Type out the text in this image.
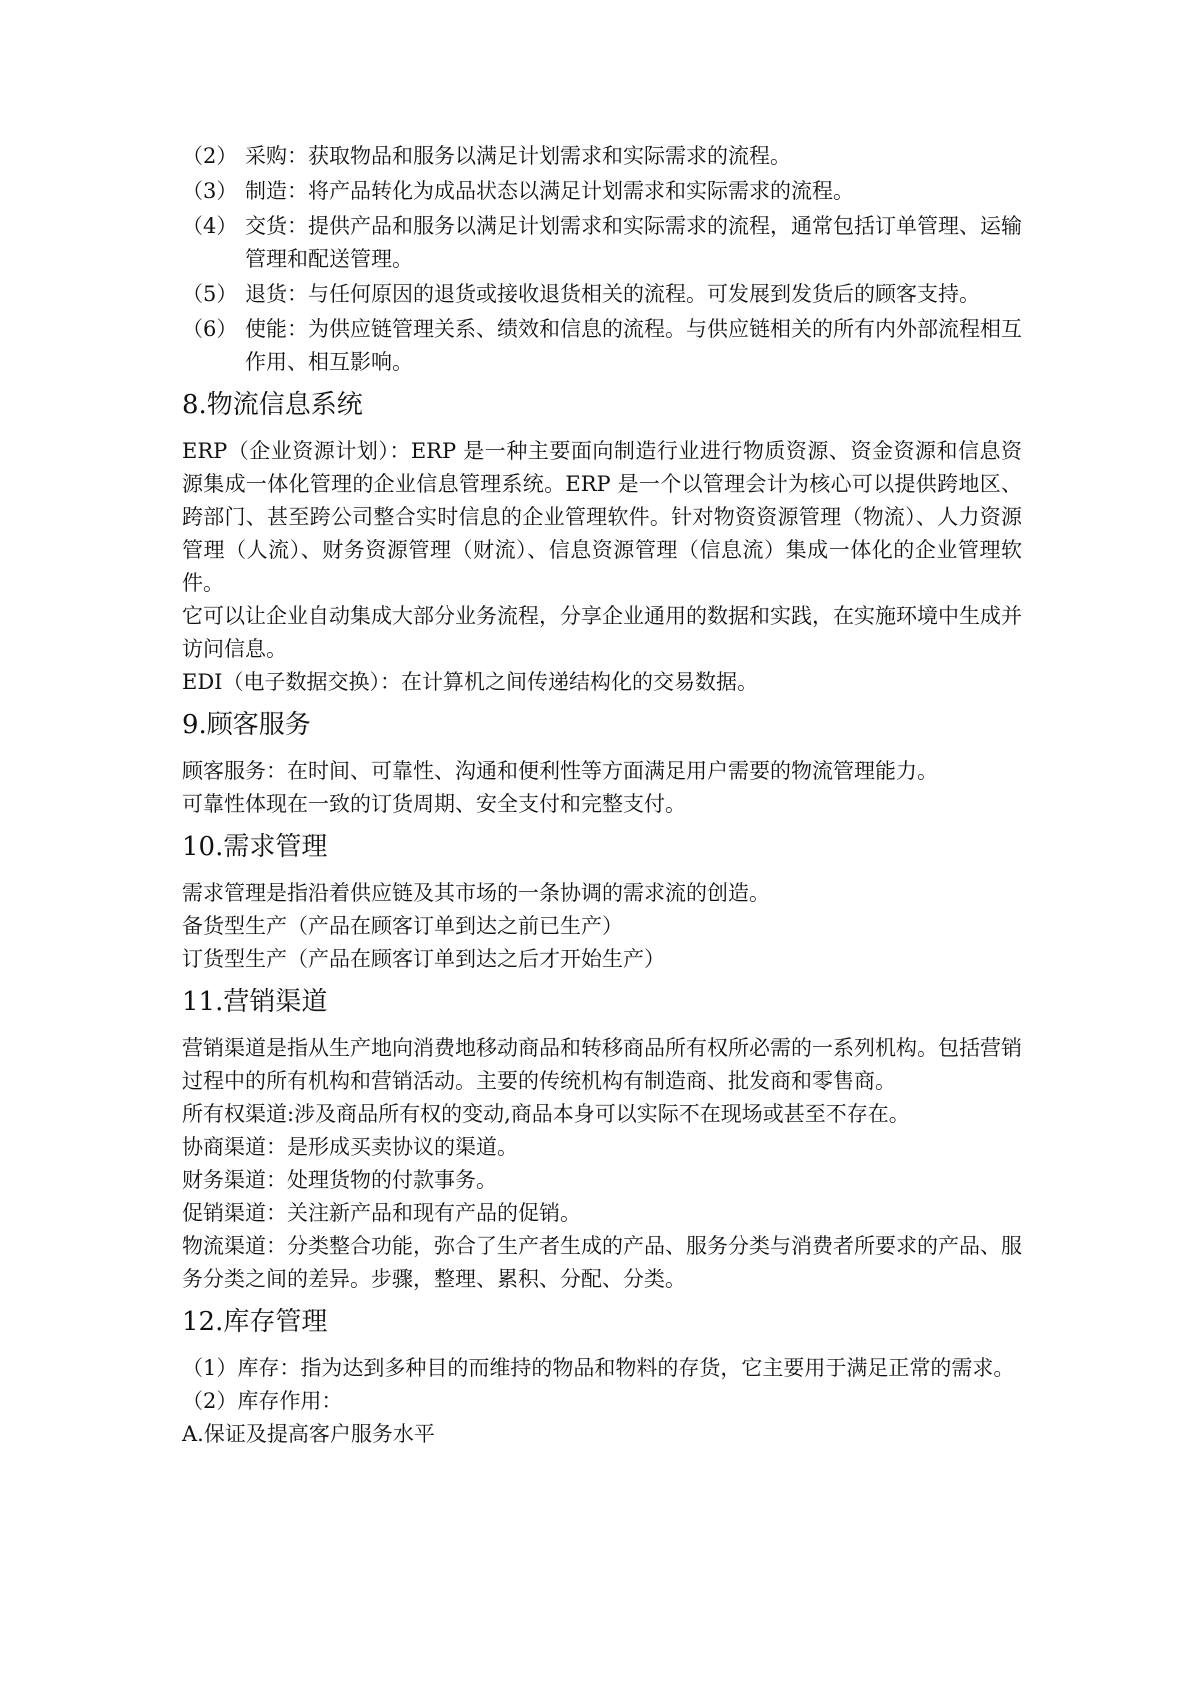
（2） 采购：获取物品和服务以满足计划需求和实际需求的流程。
（3） 制造：将产品转化为成品状态以满足计划需求和实际需求的流程。
（4） 交货：提供产品和服务以满足计划需求和实际需求的流程，通常包括订单管理、运输管理和配送管理。
（5） 退货：与任何原因的退货或接收退货相关的流程。可发展到发货后的顾客支持。
（6） 使能：为供应链管理关系、绩效和信息的流程。与供应链相关的所有内外部流程相互作用、相互影响。
8.物流信息系统
ERP（企业资源计划）：ERP 是一种主要面向制造行业进行物质资源、资金资源和信息资源集成一体化管理的企业信息管理系统。ERP 是一个以管理会计为核心可以提供跨地区、跨部门、甚至跨公司整合实时信息的企业管理软件。针对物资资源管理（物流）、人力资源管理（人流）、财务资源管理（财流）、信息资源管理（信息流）集成一体化的企业管理软件。
它可以让企业自动集成大部分业务流程，分享企业通用的数据和实践，在实施环境中生成并访问信息。
EDI（电子数据交换）：在计算机之间传递结构化的交易数据。
9.顾客服务
顾客服务：在时间、可靠性、沟通和便利性等方面满足用户需要的物流管理能力。
可靠性体现在一致的订货周期、安全支付和完整支付。
10.需求管理
需求管理是指沿着供应链及其市场的一条协调的需求流的创造。
备货型生产（产品在顾客订单到达之前已生产）
订货型生产（产品在顾客订单到达之后才开始生产）
11.营销渠道
营销渠道是指从生产地向消费地移动商品和转移商品所有权所必需的一系列机构。包括营销过程中的所有机构和营销活动。主要的传统机构有制造商、批发商和零售商。
所有权渠道:涉及商品所有权的变动,商品本身可以实际不在现场或甚至不存在。
协商渠道：是形成买卖协议的渠道。
财务渠道：处理货物的付款事务。
促销渠道：关注新产品和现有产品的促销。
物流渠道：分类整合功能，弥合了生产者生成的产品、服务分类与消费者所要求的产品、服务分类之间的差异。步骤，整理、累积、分配、分类。
12.库存管理
（1）库存：指为达到多种目的而维持的物品和物料的存货，它主要用于满足正常的需求。
（2）库存作用：
A.保证及提高客户服务水平
